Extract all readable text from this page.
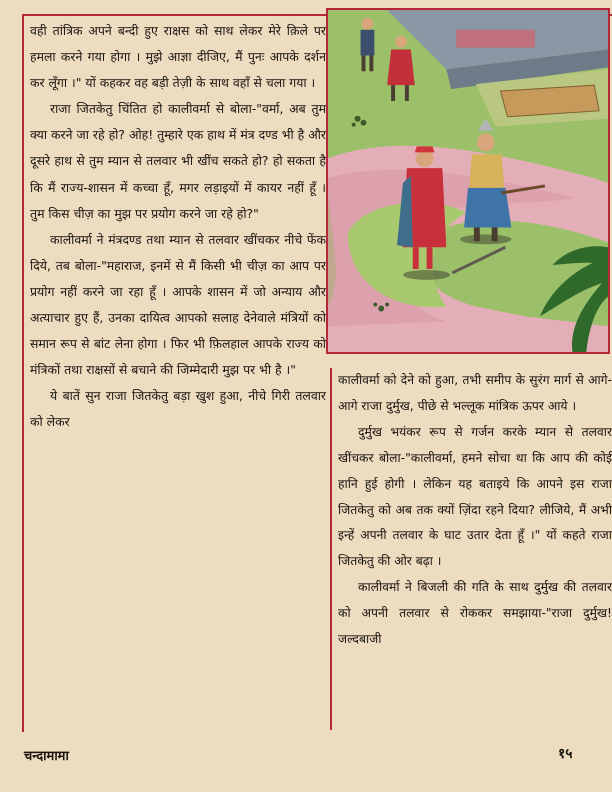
वही तांत्रिक अपने बन्दी हुए राक्षस को साथ लेकर मेरे क़िले पर हमला करने गया होगा । मुझे आज्ञा दीजिए, मैं पुनः आपके दर्शन कर लूँगा ।" यों कहकर वह बड़ी तेज़ी के साथ वहाँ से चला गया ।

राजा जितकेतु चिंतित हो कालीवर्मा से बोला-"वर्मा, अब तुम क्या करने जा रहे हो? ओह! तुम्हारे एक हाथ में मंत्र दण्ड भी है और दूसरे हाथ से तुम म्यान से तलवार भी खींच सकते हो? हो सकता है कि मैं राज्य-शासन में कच्चा हूँ, मगर लड़ाइयों में कायर नहीं हूँ । तुम किस चीज़ का मुझ पर प्रयोग करने जा रहे हो?"

कालीवर्मा ने मंत्रदण्ड तथा म्यान से तलवार खींचकर नीचे फेंक दिये, तब बोला-"महाराज, इनमें से मैं किसी भी चीज़ का आप पर प्रयोग नहीं करने जा रहा हूँ । आपके शासन में जो अन्याय और अत्याचार हुए हैं, उनका दायित्व आपको सलाह देनेवाले मंत्रियों को समान रूप से बांट लेना होगा । फिर भी फ़िलहाल आपके राज्य को मंत्रिकों तथा राक्षसों से बचाने की जिम्मेदारी मुझ पर भी है ।"

ये बातें सुन राजा जितकेतु बड़ा खुश हुआ, नीचे गिरी तलवार को लेकर

कालीवर्मा को देने को हुआ, तभी समीप के सुरंग मार्ग से आगे-आगे राजा दुर्मुख, पीछे से भल्लूक मांत्रिक ऊपर आये ।

दुर्मुख भयंकर रूप से गर्जन करके म्यान से तलवार खींचकर बोला-"कालीवर्मा, हमने सोचा था कि आप की कोई हानि हुई होगी । लेकिन यह बताइये कि आपने इस राजा जितकेतु को अब तक क्यों ज़िंदा रहने दिया? लीजिये, मैं अभी इन्हें अपनी तलवार के घाट उतार देता हूँ ।" यों कहते राजा जितकेतु की ओर बढ़ा ।

कालीवर्मा ने बिजली की गति के साथ दुर्मुख की तलवार को अपनी तलवार से रोककर समझाया-"राजा दुर्मुख! जल्दबाजी

चन्दामामा	१५
